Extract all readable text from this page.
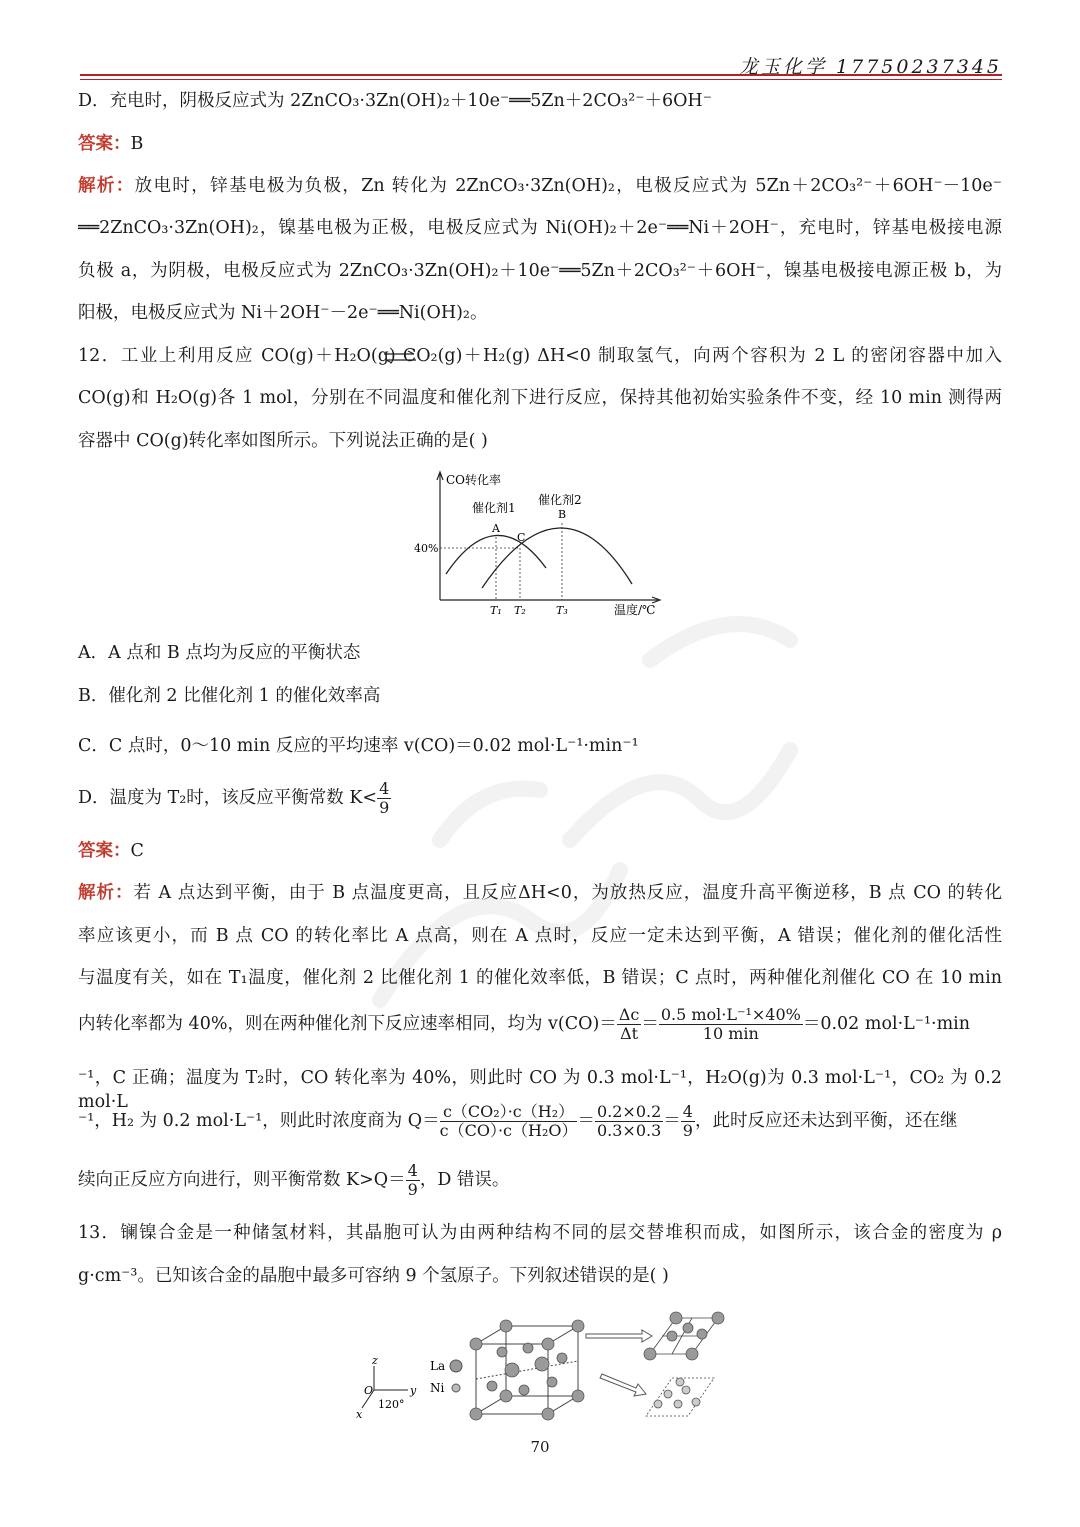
龙玉化学 17750237345
D．充电时，阴极反应式为 2ZnCO₃·3Zn(OH)₂＋10e⁻══5Zn＋2CO₃²⁻＋6OH⁻
答案：B
解析：放电时，锌基电极为负极，Zn 转化为 2ZnCO₃·3Zn(OH)₂，电极反应式为 5Zn＋2CO₃²⁻＋6OH⁻－10e⁻
══2ZnCO₃·3Zn(OH)₂，镍基电极为正极，电极反应式为 Ni(OH)₂＋2e⁻══Ni＋2OH⁻，充电时，锌基电极接电源
负极 a，为阴极，电极反应式为 2ZnCO₃·3Zn(OH)₂＋10e⁻══5Zn＋2CO₃²⁻＋6OH⁻，镍基电极接电源正极 b，为
阳极，电极反应式为 Ni＋2OH⁻－2e⁻══Ni(OH)₂。
12．工业上利用反应 CO(g)＋H₂O(g) CO₂(g)＋H₂(g) ΔH<0 制取氢气，向两个容积为 2 L 的密闭容器中加入
CO(g)和 H₂O(g)各 1 mol，分别在不同温度和催化剂下进行反应，保持其他初始实验条件不变，经 10 min 测得两
容器中 CO(g)转化率如图所示。下列说法正确的是( )
CO转化率
温度/℃
40%
T₁ T₂	T₃
催化剂1
催化剂2
A
B
C
A．A 点和 B 点均为反应的平衡状态
B．催化剂 2 比催化剂 1 的催化效率高
C．C 点时，0～10 min 反应的平均速率 v(CO)＝0.02 mol·L⁻¹·min⁻¹
D．温度为 T₂时，该反应平衡常数 $K< \frac{4}{9}$
答案：C
解析：若 A 点达到平衡，由于 B 点温度更高，且反应ΔH<0，为放热反应，温度升高平衡逆移，B 点 CO 的转化
率应该更小，而 B 点 CO 的转化率比 A 点高，则在 A 点时，反应一定未达到平衡，A 错误；催化剂的催化活性
与温度有关，如在 T₁温度，催化剂 2 比催化剂 1 的催化效率低，B 错误；C 点时，两种催化剂催化 CO 在 10 min
内转化率都为 40%，则在两种催化剂下反应速率相同，均为 $v(CO)= \frac{\Delta c}{\Delta t} = \frac{\text{0.5 mol·L⁻¹×40\%}}{10 \min} =0.02$ mol·L⁻¹·min
⁻¹，C 正确；温度为 T₂时，CO 转化率为 40%，则此时 CO 为 0.3 mol·L⁻¹，H₂O(g)为 0.3 mol·L⁻¹，CO₂ 为 0.2 mol·L
⁻¹，H₂ 为 0.2 mol·L⁻¹，则此时浓度商为 $Q= \frac{\text{c（CO₂）·c（H₂）}}{\text{c（CO）·c（H₂O）}} = \frac{0.2\times 0.2}{0.3\times 0.3} = \frac{4}{9}$ ，此时反应还未达到平衡，还在继
续向正反应方向进行，则平衡常数 $K>Q= \frac{4}{9}$ ，D 错误。
13．镧镍合金是一种储氢材料，其晶胞可认为由两种结构不同的层交替堆积而成，如图所示，该合金的密度为 ρ
g·cm⁻³。已知该合金的晶胞中最多可容纳 9 个氢原子。下列叙述错误的是( )
z
y
x
O
120°
La
Ni
70
